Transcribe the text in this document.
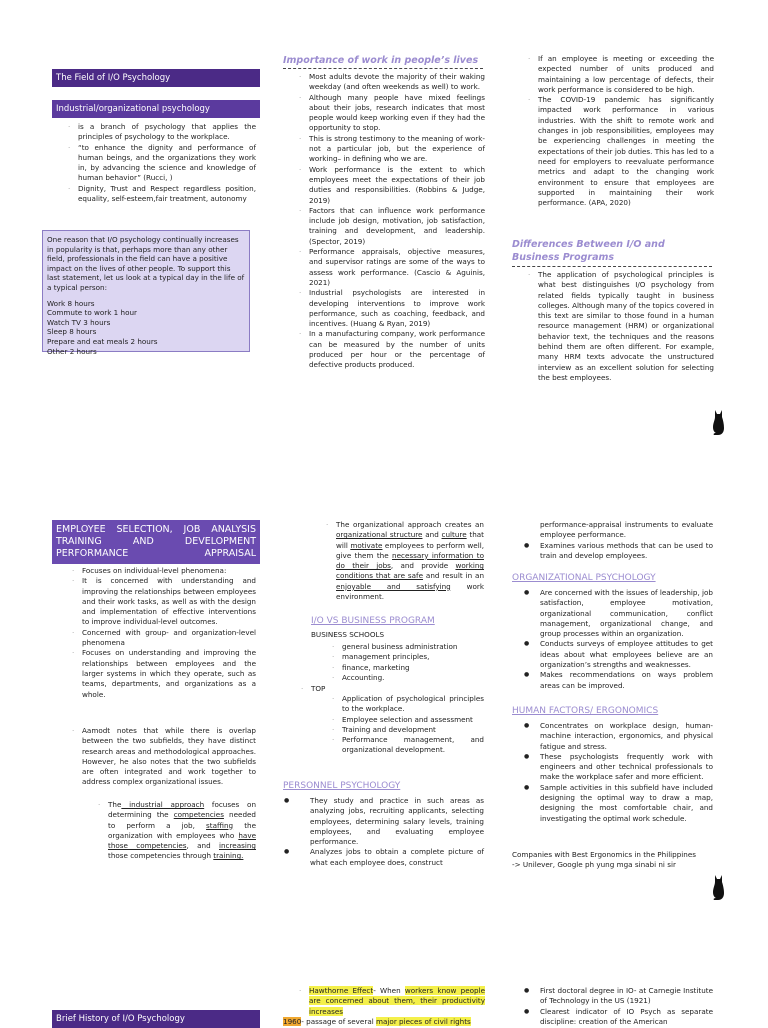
The Field of I/O Psychology
Industrial/organizational psychology
· is a branch of psychology that applies the principles of psychology to the workplace.
· “to enhance the dignity and performance of human beings, and the organizations they work in, by advancing the science and knowledge of human behavior” (Rucci, )
· Dignity, Trust and Respect regardless position, equality, self-esteem,fair treatment, autonomy
One reason that I/O psychology continually increases in popularity is that, perhaps more than any other field, professionals in the field can have a positive impact on the lives of other people. To support this last statement, let us look at a typical day in the life of a typical person:
Work 8 hours
Commute to work 1 hour
Watch TV 3 hours
Sleep 8 hours
Prepare and eat meals 2 hours
Other 2 hours
Importance of work in people’s lives
· Most adults devote the majority of their waking weekday (and often weekends as well) to work.
· Although many people have mixed feelings about their jobs, research indicates that most people would keep working even if they had the opportunity to stop.
· This is strong testimony to the meaning of work- not a particular job, but the experience of working– in defining who we are.
· Work performance is the extent to which employees meet the expectations of their job duties and responsibilities. (Robbins & Judge, 2019)
· Factors that can influence work performance include job design, motivation, job satisfaction, training and development, and leadership. (Spector, 2019)
· Performance appraisals, objective measures, and supervisor ratings are some of the ways to assess work performance. (Cascio & Aguinis, 2021)
· Industrial psychologists are interested in developing interventions to improve work performance, such as coaching, feedback, and incentives. (Huang & Ryan, 2019)
· In a manufacturing company, work performance can be measured by the number of units produced per hour or the percentage of defective products produced.
· If an employee is meeting or exceeding the expected number of units produced and maintaining a low percentage of defects, their work performance is considered to be high.
· The COVID-19 pandemic has significantly impacted work performance in various industries. With the shift to remote work and changes in job responsibilities, employees may be experiencing challenges in meeting the expectations of their job duties. This has led to a need for employers to reevaluate performance metrics and adapt to the changing work environment to ensure that employees are supported in maintaining their work performance. (APA, 2020)
Differences Between I/O and Business Programs
· The application of psychological principles is what best distinguishes I/O psychology from related fields typically taught in business colleges. Although many of the topics covered in this text are similar to those found in a human resource management (HRM) or organizational behavior text, the techniques and the reasons behind them are often different. For example, many HRM texts advocate the unstructured interview as an excellent solution for selecting the best employees.
EMPLOYEE SELECTION, JOB ANALYSIS TRAINING AND DEVELOPMENT PERFORMANCE APPRAISAL
· Focuses on individual-level phenomena:
· It is concerned with understanding and improving the relationships between employees and their work tasks, as well as with the design and implementation of effective interventions to improve individual-level outcomes.
· Concerned with group- and organization-level phenomena
· Focuses on understanding and improving the relationships between employees and the larger systems in which they operate, such as teams, departments, and organizations as a whole.
· Aamodt notes that while there is overlap between the two subfields, they have distinct research areas and methodological approaches. However, he also notes that the two subfields are often integrated and work together to address complex organizational issues.
· The industrial approach focuses on determining the competencies needed to perform a job, staffing the organization with employees who have those competencies, and increasing those competencies through training.
· The organizational approach creates an organizational structure and culture that will motivate employees to perform well, give them the necessary information to do their jobs, and provide working conditions that are safe and result in an enjoyable and satisfying work environment.
I/O VS BUSINESS PROGRAM
BUSINESS SCHOOLS
· general business administration
· management principles,
· finance, marketing
· Accounting.
· TOP
· Application of psychological principles to the workplace.
· Employee selection and assessment
· Training and development
· Performance management, and organizational development.
PERSONNEL PSYCHOLOGY
● They study and practice in such areas as analyzing jobs, recruiting applicants, selecting employees, determining salary levels, training employees, and evaluating employee performance.
● Analyzes jobs to obtain a complete picture of what each employee does, construct
performance-appraisal instruments to evaluate employee performance.
● Examines various methods that can be used to train and develop employees.
ORGANIZATIONAL PSYCHOLOGY
● Are concerned with the issues of leadership, job satisfaction, employee motivation, organizational communication, conflict management, organizational change, and group processes within an organization.
● Conducts surveys of employee attitudes to get ideas about what employees believe are an organization’s strengths and weaknesses.
● Makes recommendations on ways problem areas can be improved.
HUMAN FACTORS/ ERGONOMICS
● Concentrates on workplace design, human-machine interaction, ergonomics, and physical fatigue and stress.
● These psychologists frequently work with engineers and other technical professionals to make the workplace safer and more efficient.
● Sample activities in this subfield have included designing the optimal way to draw a map, designing the most comfortable chair, and investigating the optimal work schedule.
Companies with Best Ergonomics in the Philippines
-> Unilever, Google ph yung mga sinabi ni sir
Brief History of I/O Psychology
· Hawthorne Effect- When workers know people are concerned about them, their productivity increases
1960- passage of several major pieces of civil rights
● First doctoral degree in IO- at Carnegie Institute of Technology in the US (1921)
● Clearest indicator of IO Psych as separate discipline: creation of the American
